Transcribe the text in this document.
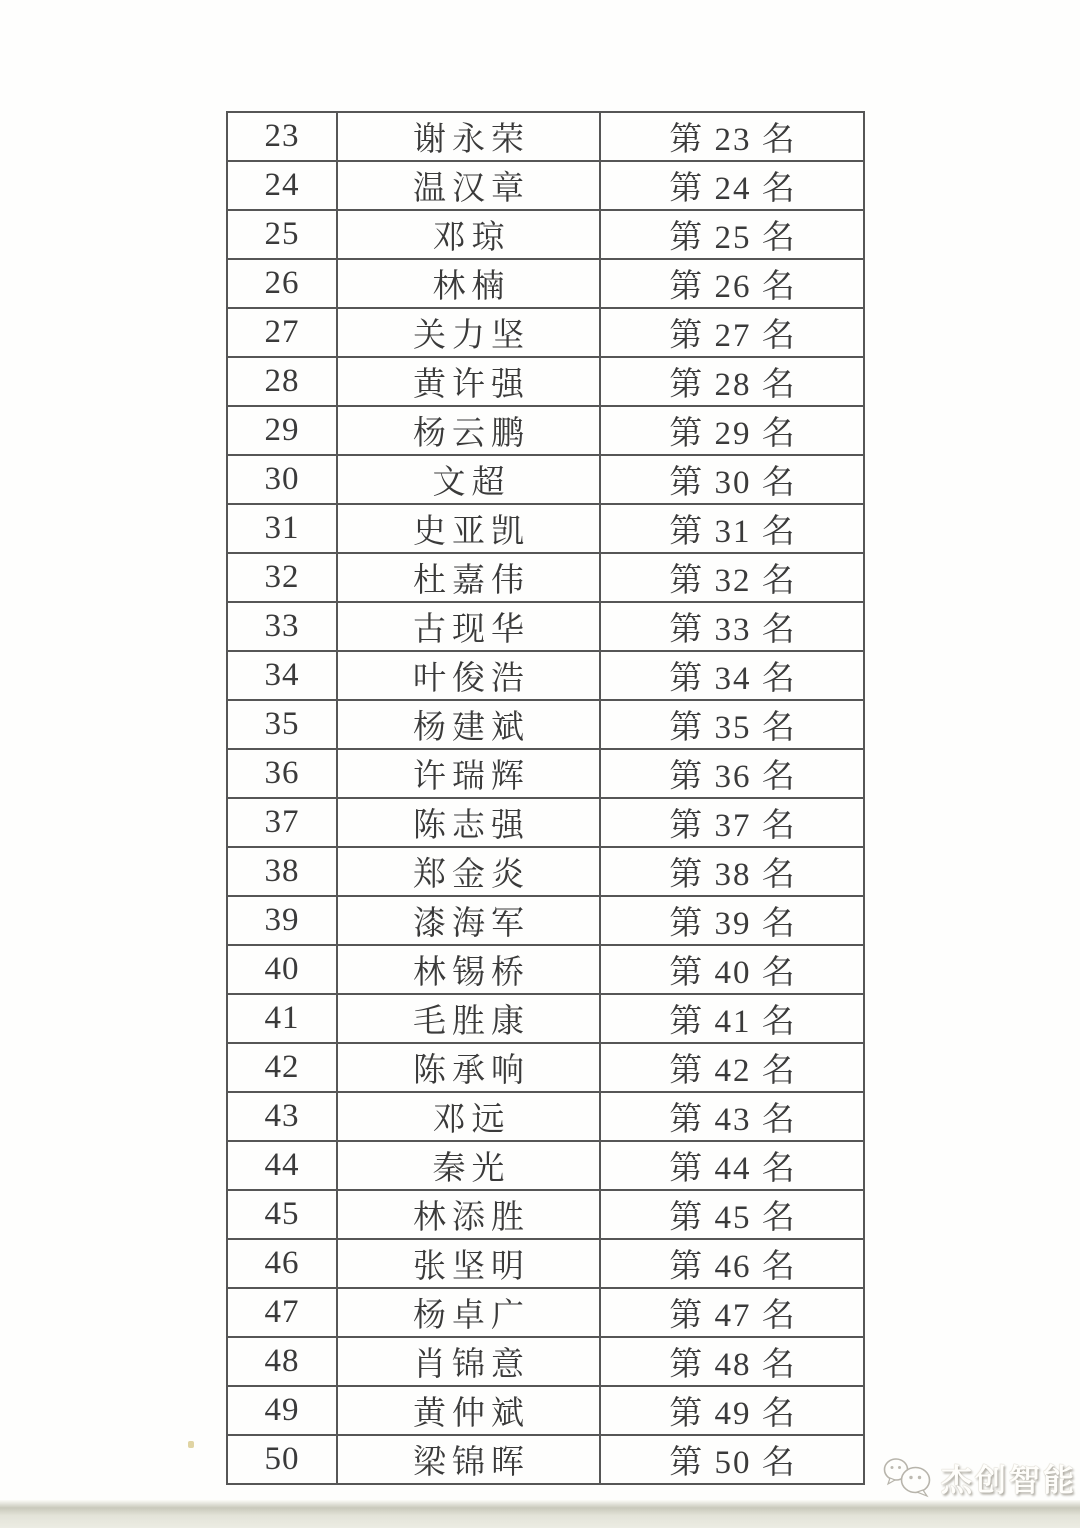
23	谢永荣	第 23 名
24	温汉章	第 24 名
25	邓琼	第 25 名
26	林楠	第 26 名
27	关力坚	第 27 名
28	黄许强	第 28 名
29	杨云鹏	第 29 名
30	文超	第 30 名
31	史亚凯	第 31 名
32	杜嘉伟	第 32 名
33	古现华	第 33 名
34	叶俊浩	第 34 名
35	杨建斌	第 35 名
36	许瑞辉	第 36 名
37	陈志强	第 37 名
38	郑金炎	第 38 名
39	漆海军	第 39 名
40	林锡桥	第 40 名
41	毛胜康	第 41 名
42	陈承响	第 42 名
43	邓远	第 43 名
44	秦光	第 44 名
45	林添胜	第 45 名
46	张坚明	第 46 名
47	杨卓广	第 47 名
48	肖锦意	第 48 名
49	黄仲斌	第 49 名
50	梁锦晖	第 50 名	杰创智能
